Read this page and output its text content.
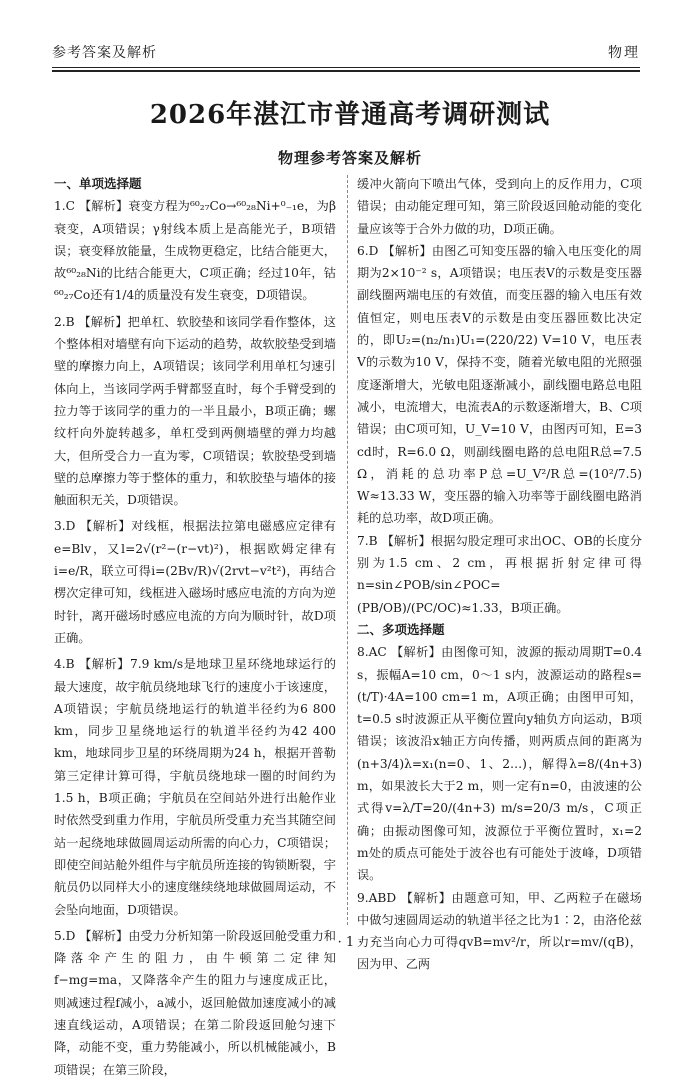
参考答案及解析	物理
2026年湛江市普通高考调研测试
物理参考答案及解析
一、单项选择题
1.C 【解析】衰变方程为⁶⁰₂₇Co→⁶⁰₂₈Ni+⁰₋₁e，为β衰变，A项错误；γ射线本质上是高能光子，B项错误；衰变释放能量，生成物更稳定，比结合能更大，故⁶⁰₂₈Ni的比结合能更大，C项正确；经过10年，钴⁶⁰₂₇Co还有1/4的质量没有发生衰变，D项错误。
2.B 【解析】把单杠、软胶垫和该同学看作整体，这个整体相对墙壁有向下运动的趋势，故软胶垫受到墙壁的摩擦力向上，A项错误；该同学利用单杠匀速引体向上，当该同学两手臂都竖直时，每个手臂受到的拉力等于该同学的重力的一半且最小，B项正确；螺纹杆向外旋转越多，单杠受到两侧墙壁的弹力均越大，但所受合力一直为零，C项错误；软胶垫受到墙壁的总摩擦力等于整体的重力，和软胶垫与墙体的接触面积无关，D项错误。
3.D 【解析】对线框，根据法拉第电磁感应定律有e=Blv，又l=2√(r²−(r−vt)²)，根据欧姆定律有i=e/R，联立可得i=(2Bv/R)√(2rvt−v²t²)，再结合楞次定律可知，线框进入磁场时感应电流的方向为逆时针，离开磁场时感应电流的方向为顺时针，故D项正确。
4.B 【解析】7.9 km/s是地球卫星环绕地球运行的最大速度，故宇航员绕地球飞行的速度小于该速度，A项错误；宇航员绕地运行的轨道半径约为6 800 km，同步卫星绕地运行的轨道半径约为42 400 km，地球同步卫星的环绕周期为24 h，根据开普勒第三定律计算可得，宇航员绕地球一圈的时间约为1.5 h，B项正确；宇航员在空间站外进行出舱作业时依然受到重力作用，宇航员所受重力充当其随空间站一起绕地球做圆周运动所需的向心力，C项错误；即使空间站舱外组件与宇航员所连接的钩锁断裂，宇航员仍以同样大小的速度继续绕地球做圆周运动，不会坠向地面，D项错误。
5.D 【解析】由受力分析知第一阶段返回舱受重力和降落伞产生的阻力，由牛顿第二定律知f−mg=ma，又降落伞产生的阻力与速度成正比，则减速过程f减小，a减小，返回舱做加速度减小的减速直线运动，A项错误；在第二阶段返回舱匀速下降，动能不变，重力势能减小，所以机械能减小，B项错误；在第三阶段，
缓冲火箭向下喷出气体，受到向上的反作用力，C项错误；由动能定理可知，第三阶段返回舱动能的变化量应该等于合外力做的功，D项正确。
6.D 【解析】由图乙可知变压器的输入电压变化的周期为2×10⁻² s，A项错误；电压表V的示数是变压器副线圈两端电压的有效值，而变压器的输入电压有效值恒定，则电压表V的示数是由变压器匝数比决定的，即U₂=(n₂/n₁)U₁=(220/22) V=10 V，电压表V的示数为10 V，保持不变，随着光敏电阻的光照强度逐渐增大，光敏电阻逐渐减小，副线圈电路总电阻减小，电流增大，电流表A的示数逐渐增大，B、C项错误；由C项可知，U_V=10 V，由图丙可知，E=3 cd时，R=6.0 Ω，则副线圈电路的总电阻R总=7.5 Ω，消耗的总功率P总=U_V²/R总=(10²/7.5) W≈13.33 W，变压器的输入功率等于副线圈电路消耗的总功率，故D项正确。
7.B 【解析】根据勾股定理可求出OC、OB的长度分别为1.5 cm、2 cm，再根据折射定律可得n=sin∠POB/sin∠POC=(PB/OB)/(PC/OC)≈1.33，B项正确。
二、多项选择题
8.AC 【解析】由图像可知，波源的振动周期T=0.4 s，振幅A=10 cm，0～1 s内，波源运动的路程s=(t/T)·4A=100 cm=1 m，A项正确；由图甲可知，t=0.5 s时波源正从平衡位置向y轴负方向运动，B项错误；该波沿x轴正方向传播，则两质点间的距离为(n+3/4)λ=x₁(n=0、1、2…)，解得λ=8/(4n+3) m，如果波长大于2 m，则一定有n=0，由波速的公式得v=λ/T=20/(4n+3) m/s=20/3 m/s，C项正确；由振动图像可知，波源位于平衡位置时，x₁=2 m处的质点可能处于波谷也有可能处于波峰，D项错误。
9.ABD 【解析】由题意可知，甲、乙两粒子在磁场中做匀速圆周运动的轨道半径之比为1∶2，由洛伦兹力充当向心力可得qvB=mv²/r，所以r=mv/(qB)，因为甲、乙两
· 1 ·
